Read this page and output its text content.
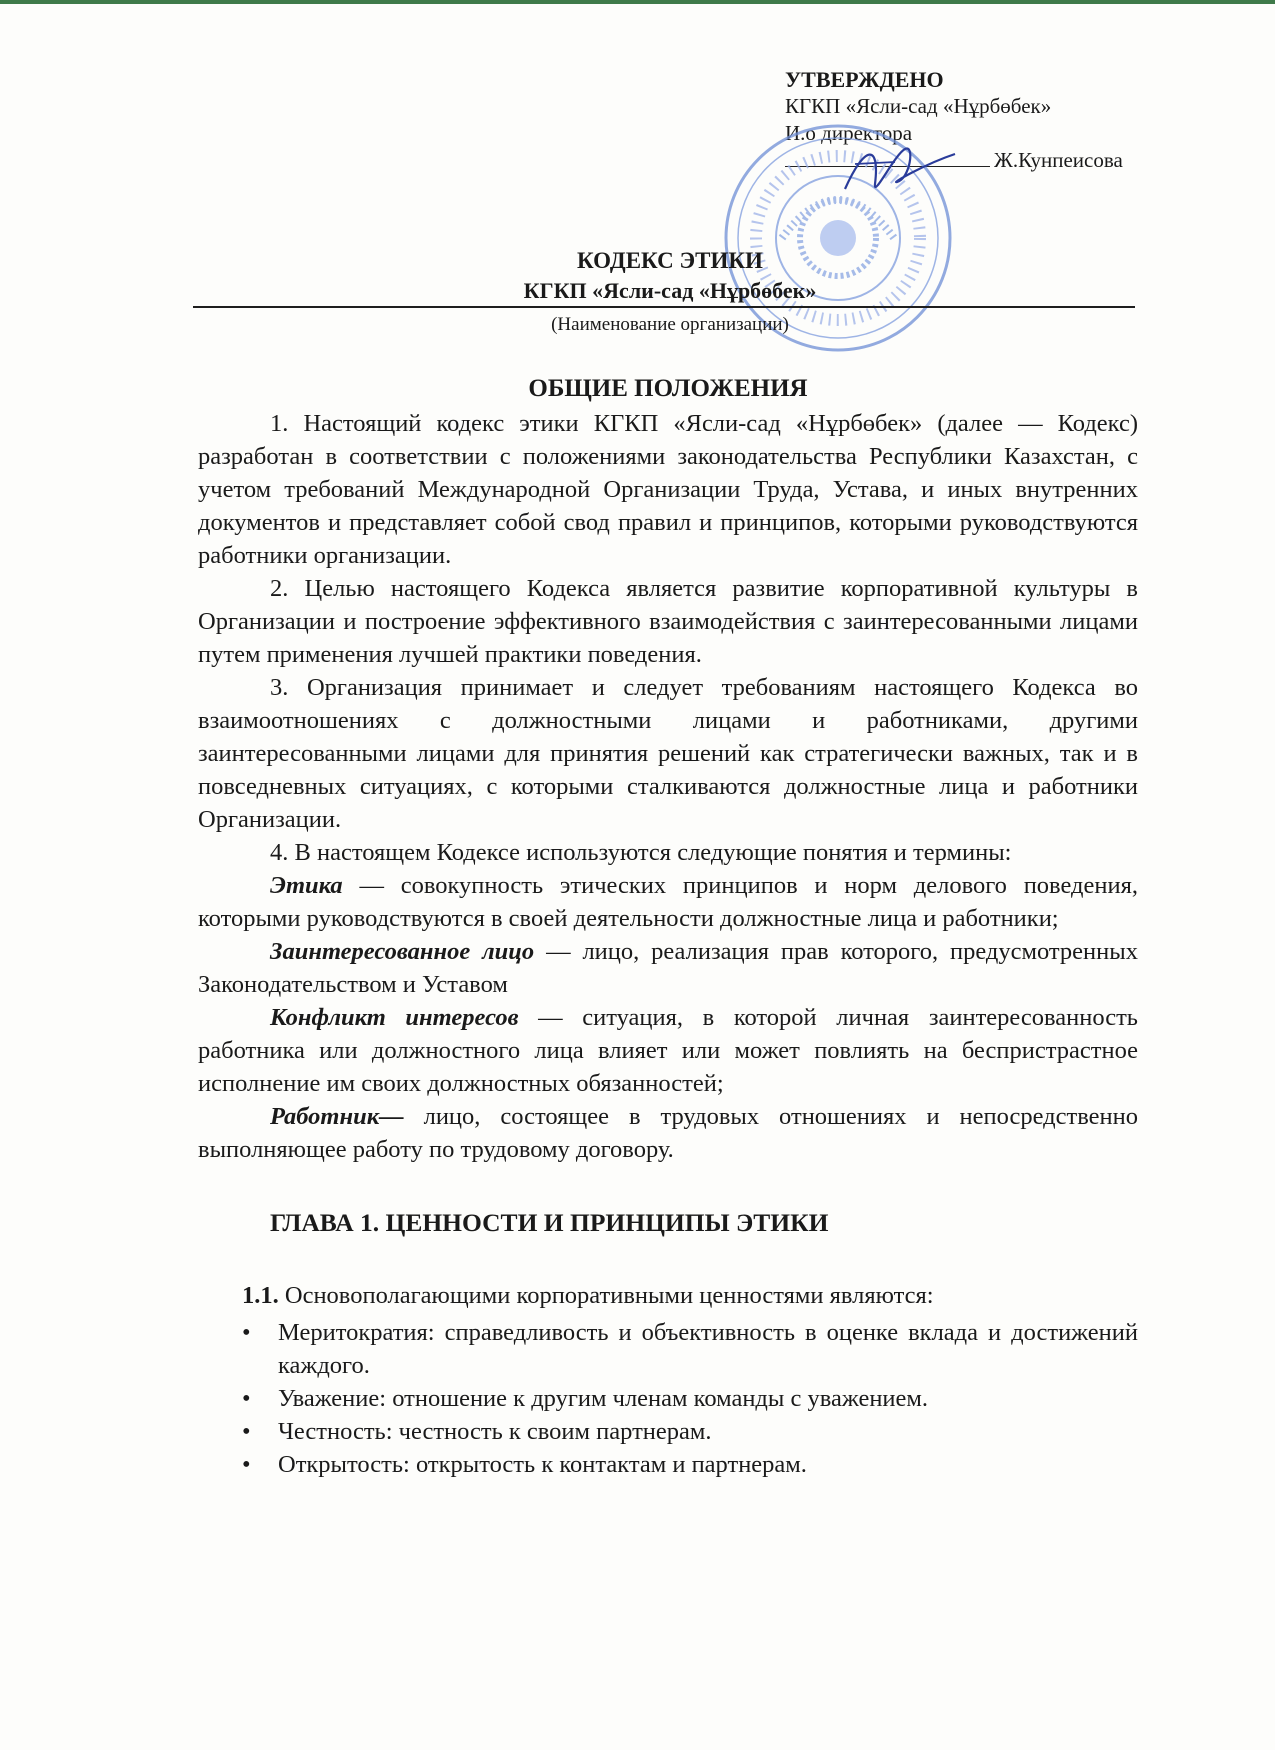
УТВЕРЖДЕНО
КГКП «Ясли-сад «Нұрбөбек»
И.о директора
Ж.Кунпеисова
КОДЕКС ЭТИКИ
КГКП «Ясли-сад «Нұрбөбек»
(Наименование организации)
ОБЩИЕ ПОЛОЖЕНИЯ

1. Настоящий кодекс этики КГКП «Ясли-сад «Нұрбөбек» (далее — Кодекс) разработан в соответствии с положениями законодательства Республики Казахстан, с учетом требований Международной Организации Труда, Устава, и иных внутренних документов и представляет собой свод правил и принципов, которыми руководствуются работники организации.

2. Целью настоящего Кодекса является развитие корпоративной культуры в Организации и построение эффективного взаимодействия с заинтересованными лицами путем применения лучшей практики поведения.

3. Организация принимает и следует требованиям настоящего Кодекса во взаимоотношениях с должностными лицами и работниками, другими заинтересованными лицами для принятия решений как стратегически важных, так и в повседневных ситуациях, с которыми сталкиваются должностные лица и работники Организации.

4. В настоящем Кодексе используются следующие понятия и термины:

Этика — совокупность этических принципов и норм делового поведения, которыми руководствуются в своей деятельности должностные лица и работники;

Заинтересованное лицо — лицо, реализация прав которого, предусмотренных Законодательством и Уставом

Конфликт интересов — ситуация, в которой личная заинтересованность работника или должностного лица влияет или может повлиять на беспристрастное исполнение им своих должностных обязанностей;

Работник— лицо, состоящее в трудовых отношениях и непосредственно выполняющее работу по трудовому договору.

ГЛАВА 1. ЦЕННОСТИ И ПРИНЦИПЫ ЭТИКИ
1.1. Основополагающими корпоративными ценностями являются:
• Меритократия: справедливость и объективность в оценке вклада и достижений каждого.
• Уважение: отношение к другим членам команды с уважением.
• Честность: честность к своим партнерам.
• Открытость: открытость к контактам и партнерам.
